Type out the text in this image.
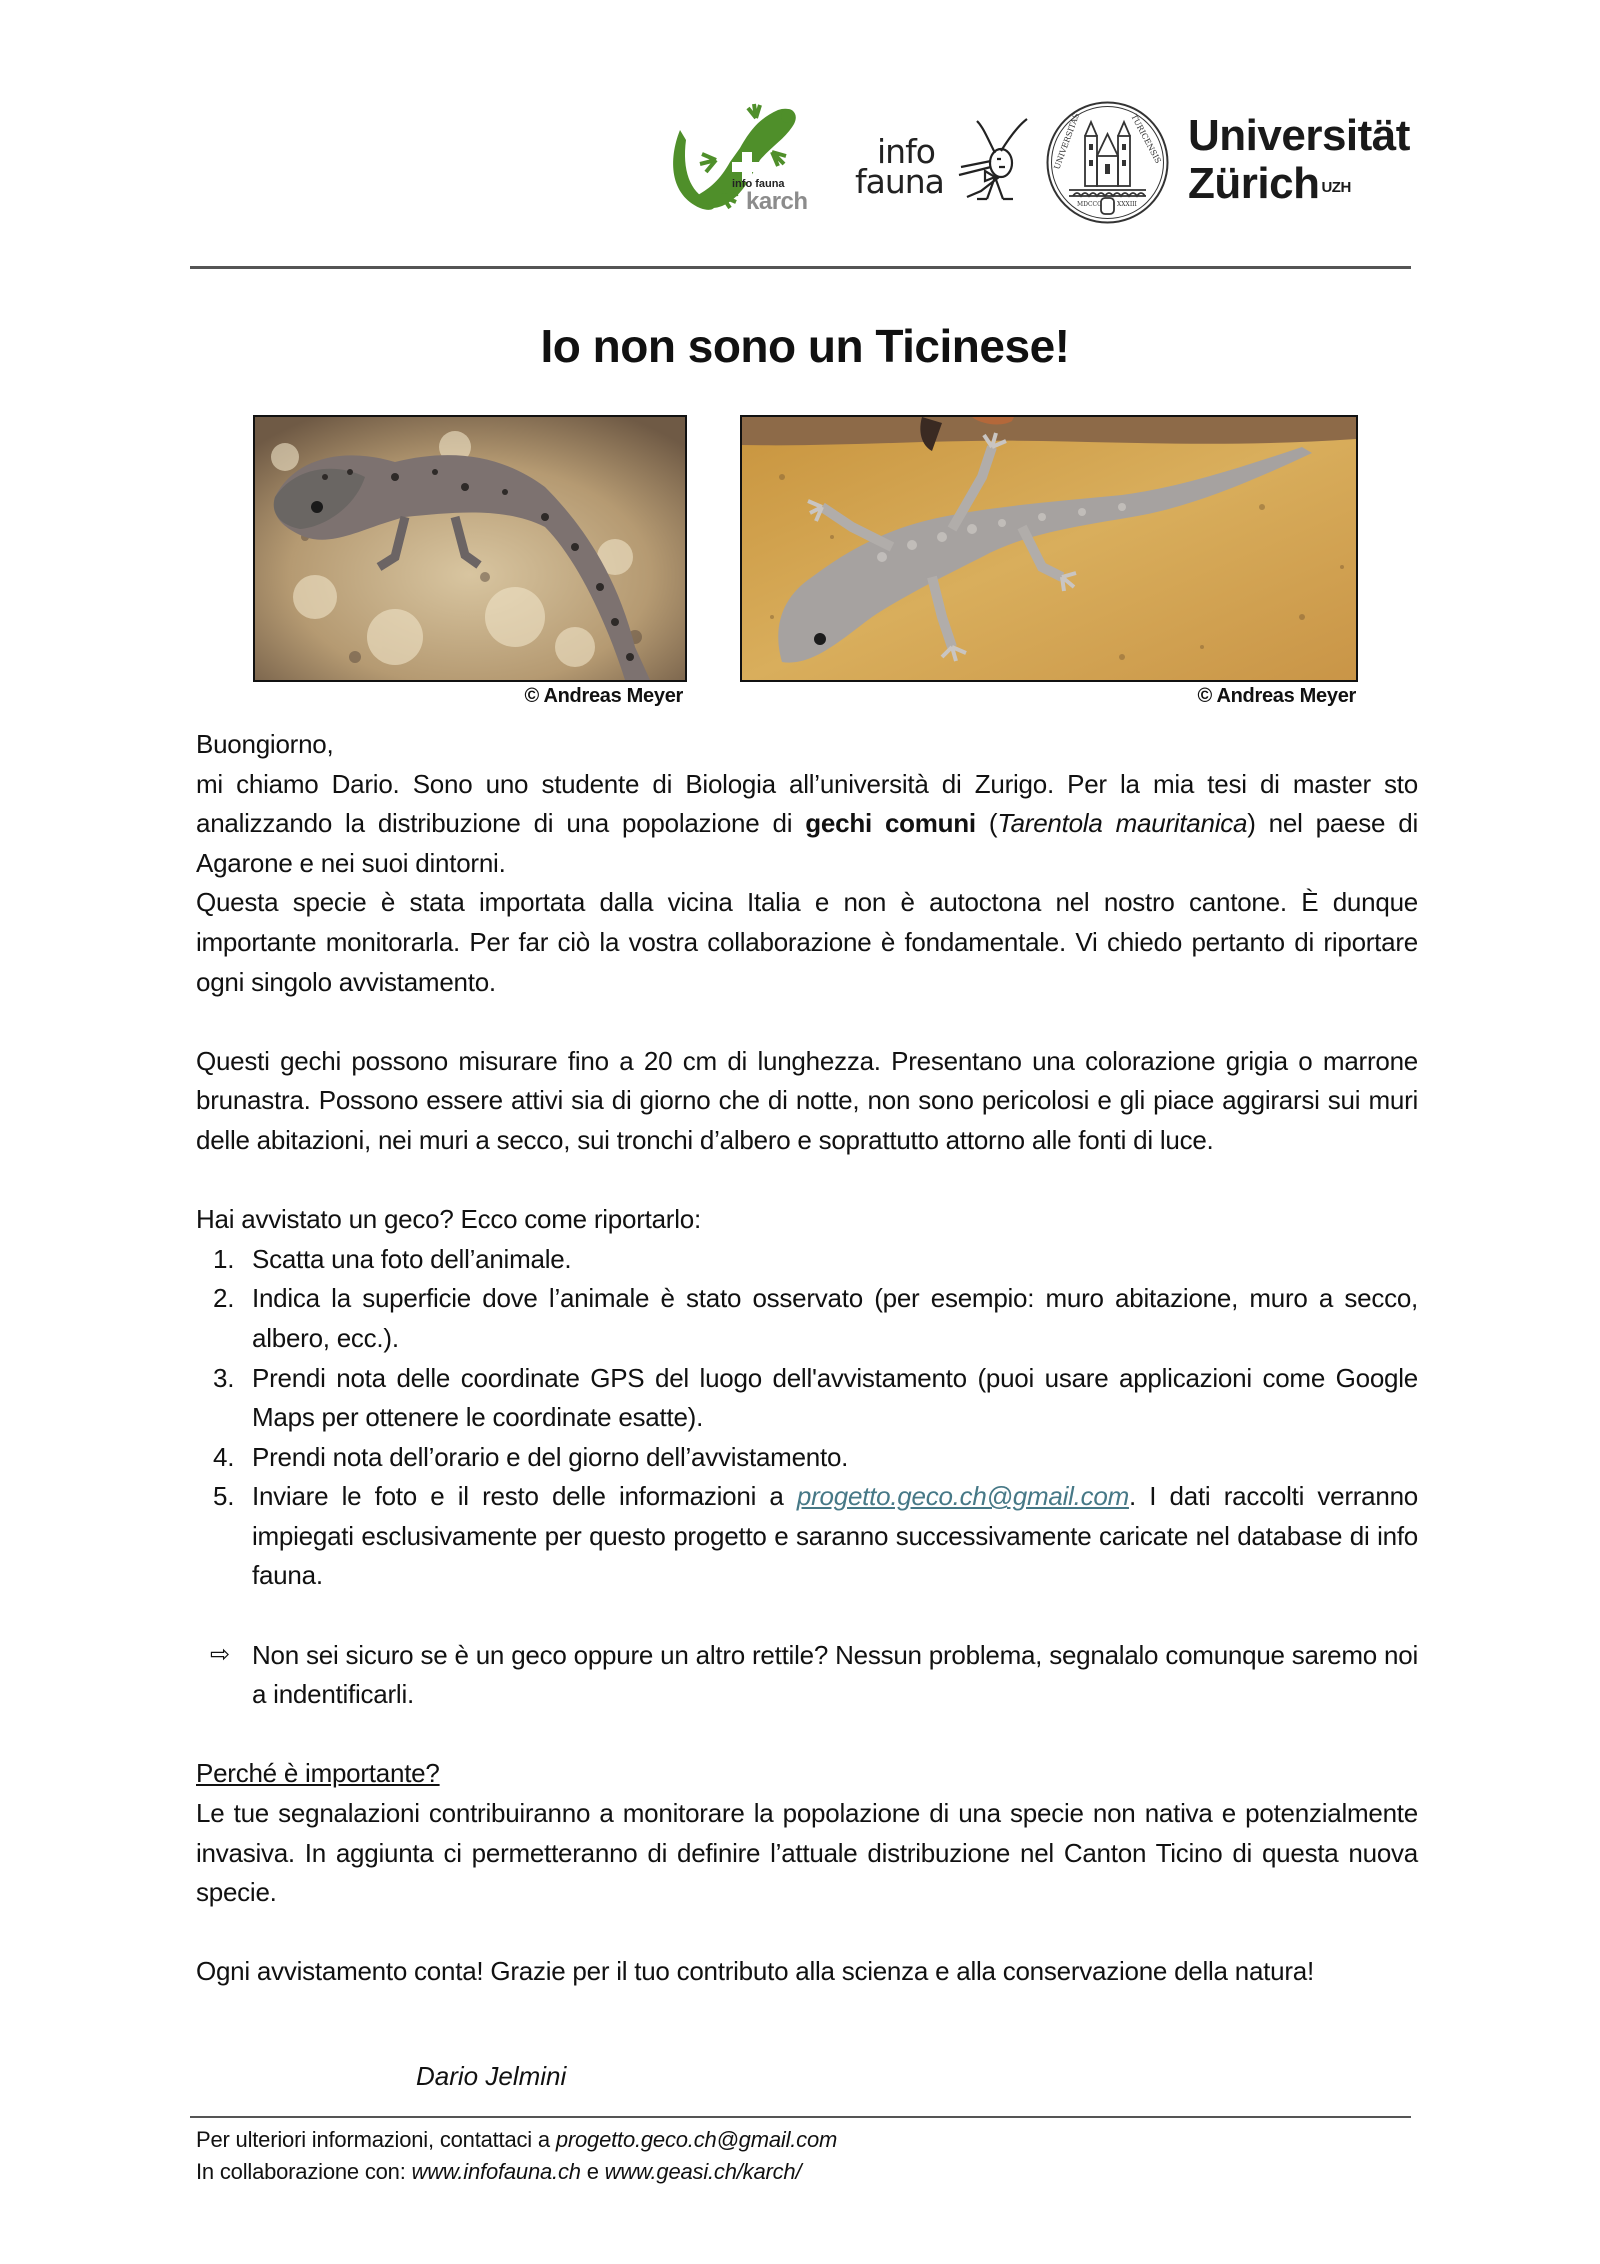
info fauna
karch
info
fauna
UNIVERSITAS	TURICENSIS
MDCCC	XXXIII
Universität
Zürich $^{UZH}$
Io non sono un Ticinese!
© Andreas Meyer	© Andreas Meyer

Buongiorno,

mi chiamo Dario. Sono uno studente di Biologia all’università di Zurigo. Per la mia tesi di master sto analizzando la distribuzione di una popolazione di gechi comuni (Tarentola mauritanica) nel paese di Agarone e nei suoi dintorni.

Questa specie è stata importata dalla vicina Italia e non è autoctona nel nostro cantone. È dunque importante monitorarla. Per far ciò la vostra collaborazione è fondamentale. Vi chiedo pertanto di riportare ogni singolo avvistamento.

Questi gechi possono misurare fino a 20 cm di lunghezza. Presentano una colorazione grigia o marrone brunastra. Possono essere attivi sia di giorno che di notte, non sono pericolosi e gli piace aggirarsi sui muri delle abitazioni, nei muri a secco, sui tronchi d’albero e soprattutto attorno alle fonti di luce.

Hai avvistato un geco? Ecco come riportarlo:

1. Scatta una foto dell’animale.
2. Indica la superficie dove l’animale è stato osservato (per esempio: muro abitazione, muro a secco, albero, ecc.).
3. Prendi nota delle coordinate GPS del luogo dell'avvistamento (puoi usare applicazioni come Google Maps per ottenere le coordinate esatte).
4. Prendi nota dell’orario e del giorno dell’avvistamento.
5. Inviare le foto e il resto delle informazioni a progetto.geco.ch@gmail.com. I dati raccolti verranno impiegati esclusivamente per questo progetto e saranno successivamente caricate nel database di info fauna.
⇨ Non sei sicuro se è un geco oppure un altro rettile? Nessun problema, segnalalo comunque saremo noi a indentificarli.

Perché è importante?

Le tue segnalazioni contribuiranno a monitorare la popolazione di una specie non nativa e potenzialmente invasiva. In aggiunta ci permetteranno di definire l’attuale distribuzione nel Canton Ticino di questa nuova specie.

Ogni avvistamento conta! Grazie per il tuo contributo alla scienza e alla conservazione della natura!

Dario Jelmini
Per ulteriori informazioni, contattaci a progetto.geco.ch@gmail.com
In collaborazione con: www.infofauna.ch e www.geasi.ch/karch/
